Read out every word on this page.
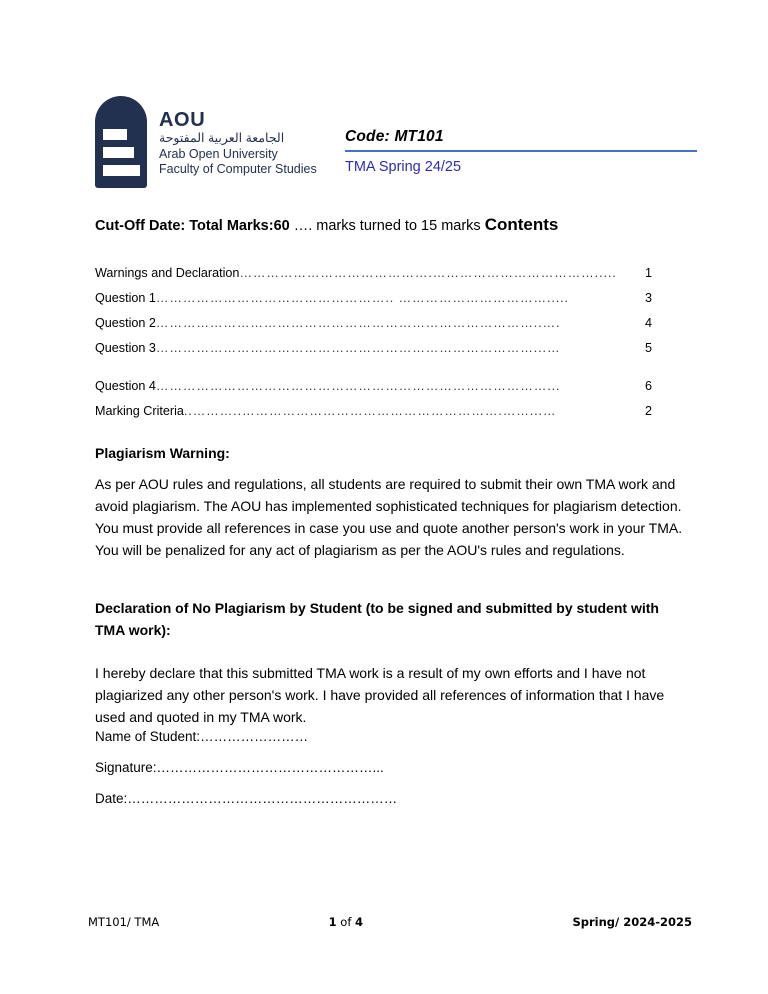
AOU
الجامعة العربية المفتوحة
Arab Open University
Faculty of Computer Studies
Code: MT101
TMA Spring 24/25
Cut-Off Date: Total Marks:60 …. marks turned to 15 marks Contents
Warnings and Declaration …………………………………….……………………………….....	1
Question 1 …………………………………………….. …………………………….....	3
Question 2 …………………………………………………………………………..….	4
Question 3 …………………………………………………………………………...…	5
Question 4 ……………………………………………………………………………...	6
Marking Criteria ..………..………………………………………………….……...…	2
Plagiarism Warning:
As per AOU rules and regulations, all students are required to submit their own TMA work and avoid plagiarism. The AOU has implemented sophisticated techniques for plagiarism detection. You must provide all references in case you use and quote another person's work in your TMA. You will be penalized for any act of plagiarism as per the AOU's rules and regulations.
Declaration of No Plagiarism by Student (to be signed and submitted by student with TMA work):
I hereby declare that this submitted TMA work is a result of my own efforts and I have not plagiarized any other person's work. I have provided all references of information that I have used and quoted in my TMA work.
Name of Student:……………………
Signature:…………………………………………...
Date:……………………………………………………
MT101/ TMA	1 of 4	Spring/ 2024-2025
